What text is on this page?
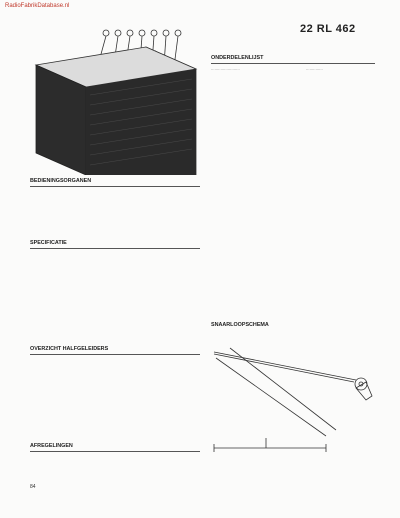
RadioFabrikDatabase.nl
22 RL 462
ONDERDELENLIJST
························	··············
BEDIENINGSORGANEN
SPECIFICATIE
OVERZICHT HALFGELEIDERS
SNAARLOOPSCHEMA
AFREGELINGEN
84
